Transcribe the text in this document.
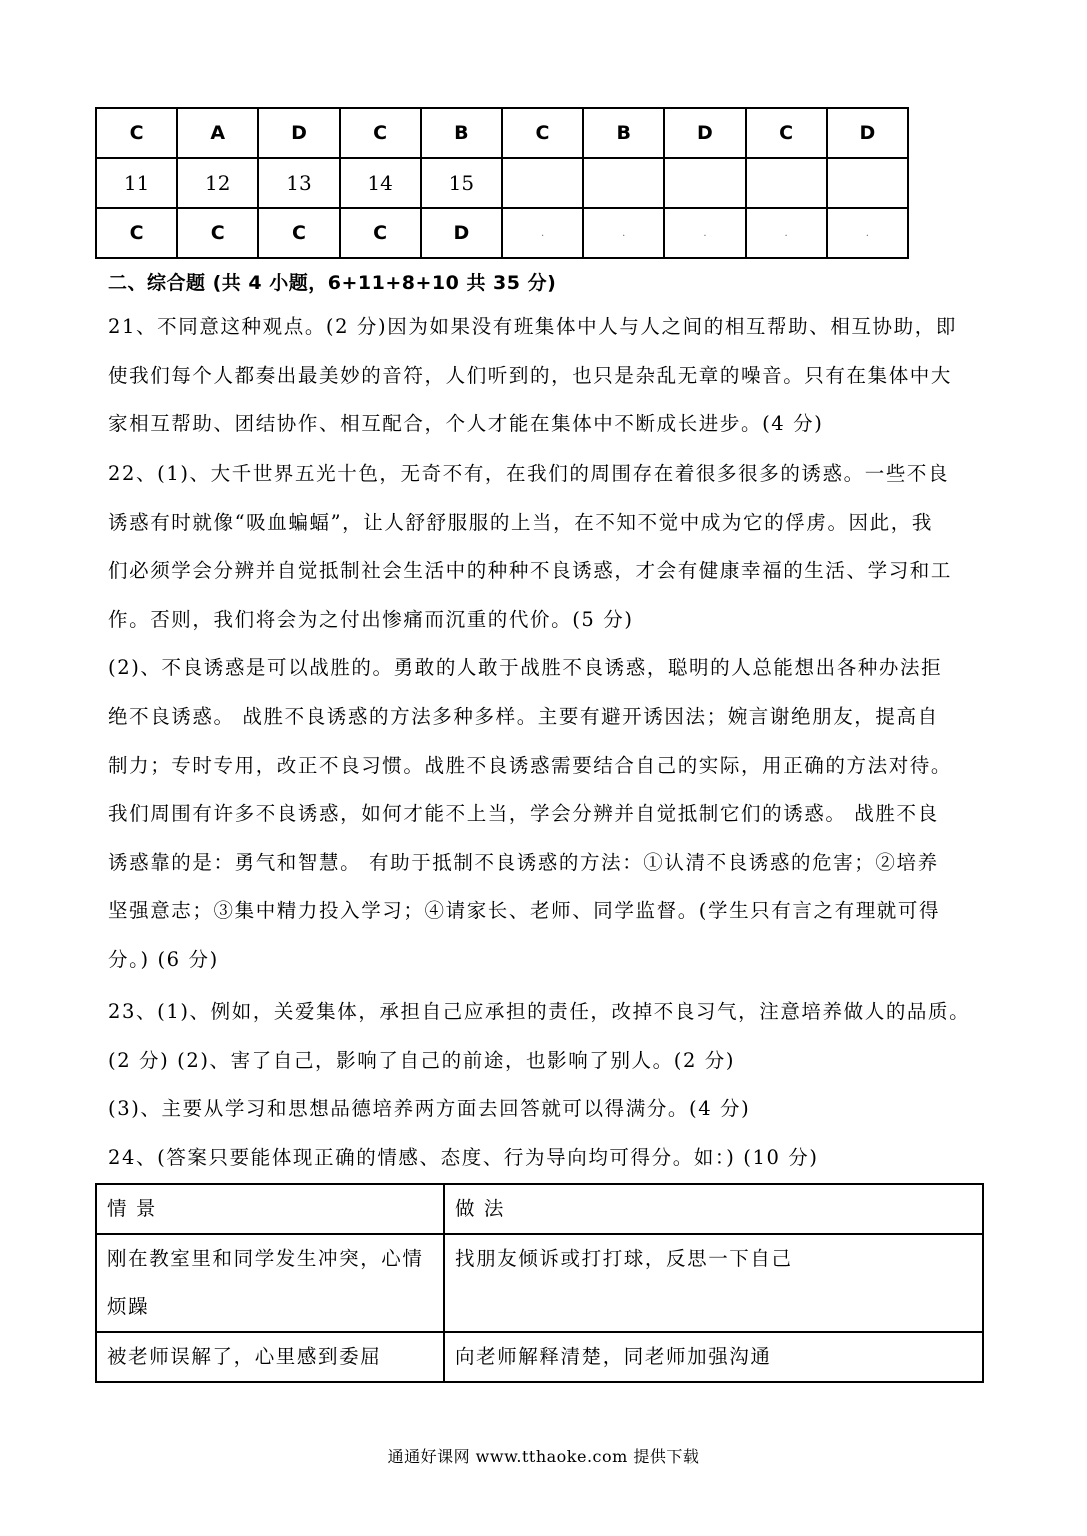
C	A	D	C	B	C	B	D	C	D
11	12	13	14	15					
C	C	C	C	D	.	.	.	.	.
二、综合题 (共 4 小题，6+11+8+10 共 35 分)
21、不同意这种观点。(2 分)因为如果没有班集体中人与人之间的相互帮助、相互协助，即
使我们每个人都奏出最美妙的音符，人们听到的，也只是杂乱无章的噪音。只有在集体中大
家相互帮助、团结协作、相互配合，个人才能在集体中不断成长进步。(4 分)
22、(1)、大千世界五光十色，无奇不有，在我们的周围存在着很多很多的诱惑。一些不良
诱惑有时就像“吸血蝙蝠”，让人舒舒服服的上当，在不知不觉中成为它的俘虏。因此，我
们必须学会分辨并自觉抵制社会生活中的种种不良诱惑，才会有健康幸福的生活、学习和工
作。否则，我们将会为之付出惨痛而沉重的代价。(5 分)
(2)、不良诱惑是可以战胜的。勇敢的人敢于战胜不良诱惑，聪明的人总能想出各种办法拒
绝不良诱惑。 战胜不良诱惑的方法多种多样。主要有避开诱因法；婉言谢绝朋友，提高自
制力；专时专用，改正不良习惯。战胜不良诱惑需要结合自己的实际，用正确的方法对待。
我们周围有许多不良诱惑，如何才能不上当，学会分辨并自觉抵制它们的诱惑。 战胜不良
诱惑靠的是：勇气和智慧。 有助于抵制不良诱惑的方法：①认清不良诱惑的危害；②培养
坚强意志；③集中精力投入学习；④请家长、老师、同学监督。(学生只有言之有理就可得
分。) (6 分)
23、(1)、例如，关爱集体，承担自己应承担的责任，改掉不良习气，注意培养做人的品质。
(2 分) (2)、害了自己，影响了自己的前途，也影响了别人。(2 分)
(3)、主要从学习和思想品德培养两方面去回答就可以得满分。(4 分)
24、(答案只要能体现正确的情感、态度、行为导向均可得分。如：) (10 分)
情 景	做 法
刚在教室里和同学发生冲突，心情烦躁	找朋友倾诉或打打球，反思一下自己
被老师误解了，心里感到委屈	向老师解释清楚，同老师加强沟通
通通好课网 www.tthaoke.com 提供下载
